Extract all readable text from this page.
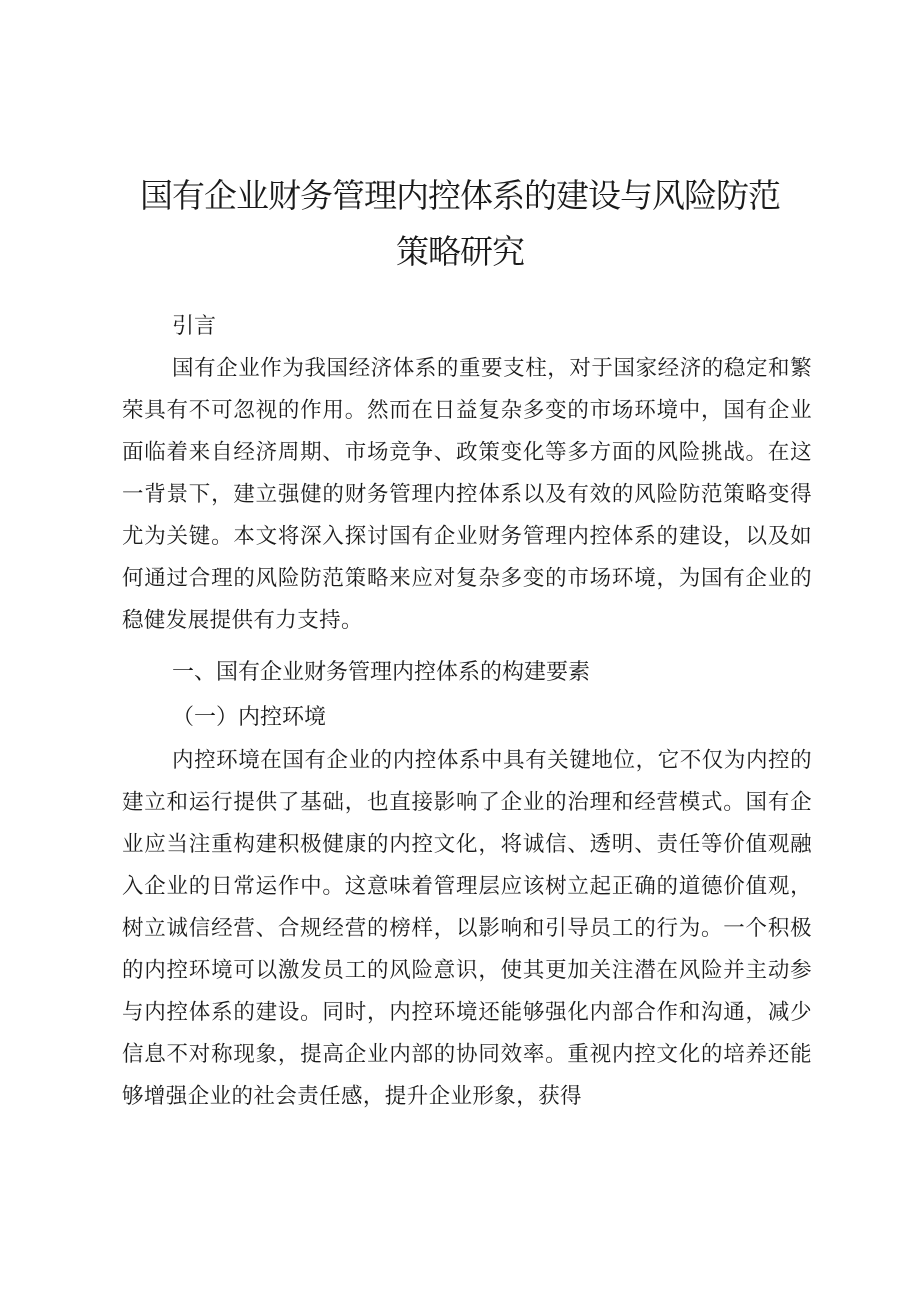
国有企业财务管理内控体系的建设与风险防范
策略研究

引言

国有企业作为我国经济体系的重要支柱，对于国家经济的稳定和繁荣具有不可忽视的作用。然而在日益复杂多变的市场环境中，国有企业面临着来自经济周期、市场竞争、政策变化等多方面的风险挑战。在这一背景下，建立强健的财务管理内控体系以及有效的风险防范策略变得尤为关键。本文将深入探讨国有企业财务管理内控体系的建设，以及如何通过合理的风险防范策略来应对复杂多变的市场环境，为国有企业的稳健发展提供有力支持。

一、国有企业财务管理内控体系的构建要素
（一）内控环境

内控环境在国有企业的内控体系中具有关键地位，它不仅为内控的建立和运行提供了基础，也直接影响了企业的治理和经营模式。国有企业应当注重构建积极健康的内控文化，将诚信、透明、责任等价值观融入企业的日常运作中。这意味着管理层应该树立起正确的道德价值观，树立诚信经营、合规经营的榜样，以影响和引导员工的行为。一个积极的内控环境可以激发员工的风险意识，使其更加关注潜在风险并主动参与内控体系的建设。同时，内控环境还能够强化内部合作和沟通，减少信息不对称现象，提高企业内部的协同效率。重视内控文化的培养还能够增强企业的社会责任感，提升企业形象，获得
